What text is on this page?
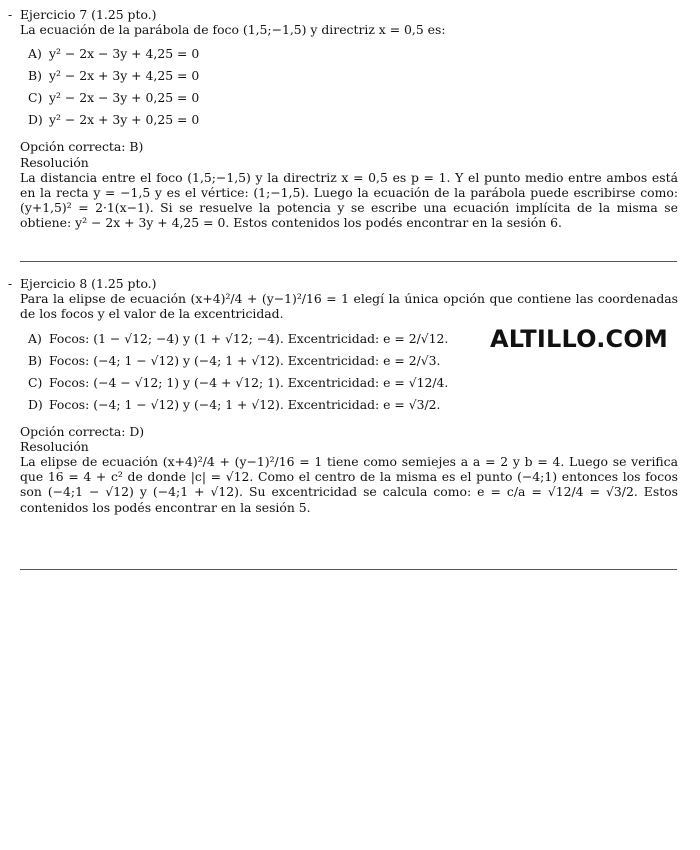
- Ejercicio 7 (1.25 pto.)
La ecuación de la parábola de foco (1,5;−1,5) y directriz x = 0,5 es:
A) y² − 2x − 3y + 4,25 = 0
B) y² − 2x + 3y + 4,25 = 0
C) y² − 2x − 3y + 0,25 = 0
D) y² − 2x + 3y + 0,25 = 0
Opción correcta: B)
Resolución
La distancia entre el foco (1,5;−1,5) y la directriz x = 0,5 es p = 1. Y el punto medio entre ambos está en la recta y = −1,5 y es el vértice: (1;−1,5). Luego la ecuación de la parábola puede escribirse como: (y+1,5)² = 2·1(x−1). Si se resuelve la potencia y se escribe una ecuación implícita de la misma se obtiene: y² − 2x + 3y + 4,25 = 0. Estos contenidos los podés encontrar en la sesión 6.
- Ejercicio 8 (1.25 pto.)
Para la elipse de ecuación (x+4)²/4 + (y−1)²/16 = 1 elegí la única opción que contiene las coordenadas de los focos y el valor de la excentricidad.
A) Focos: (1 − √12; −4) y (1 + √12; −4). Excentricidad: e = 2/√12.
B) Focos: (−4; 1 − √12) y (−4; 1 + √12). Excentricidad: e = 2/√3.
C) Focos: (−4 − √12; 1) y (−4 + √12; 1). Excentricidad: e = √12/4.
D) Focos: (−4; 1 − √12) y (−4; 1 + √12). Excentricidad: e = √3/2.
Opción correcta: D)
Resolución
La elipse de ecuación (x+4)²/4 + (y−1)²/16 = 1 tiene como semiejes a a = 2 y b = 4. Luego se verifica que 16 = 4 + c² de donde |c| = √12. Como el centro de la misma es el punto (−4;1) entonces los focos son (−4;1 − √12) y (−4;1 + √12). Su excentricidad se calcula como: e = c/a = √12/4 = √3/2. Estos contenidos los podés encontrar en la sesión 5.
ALTILLO.COM
